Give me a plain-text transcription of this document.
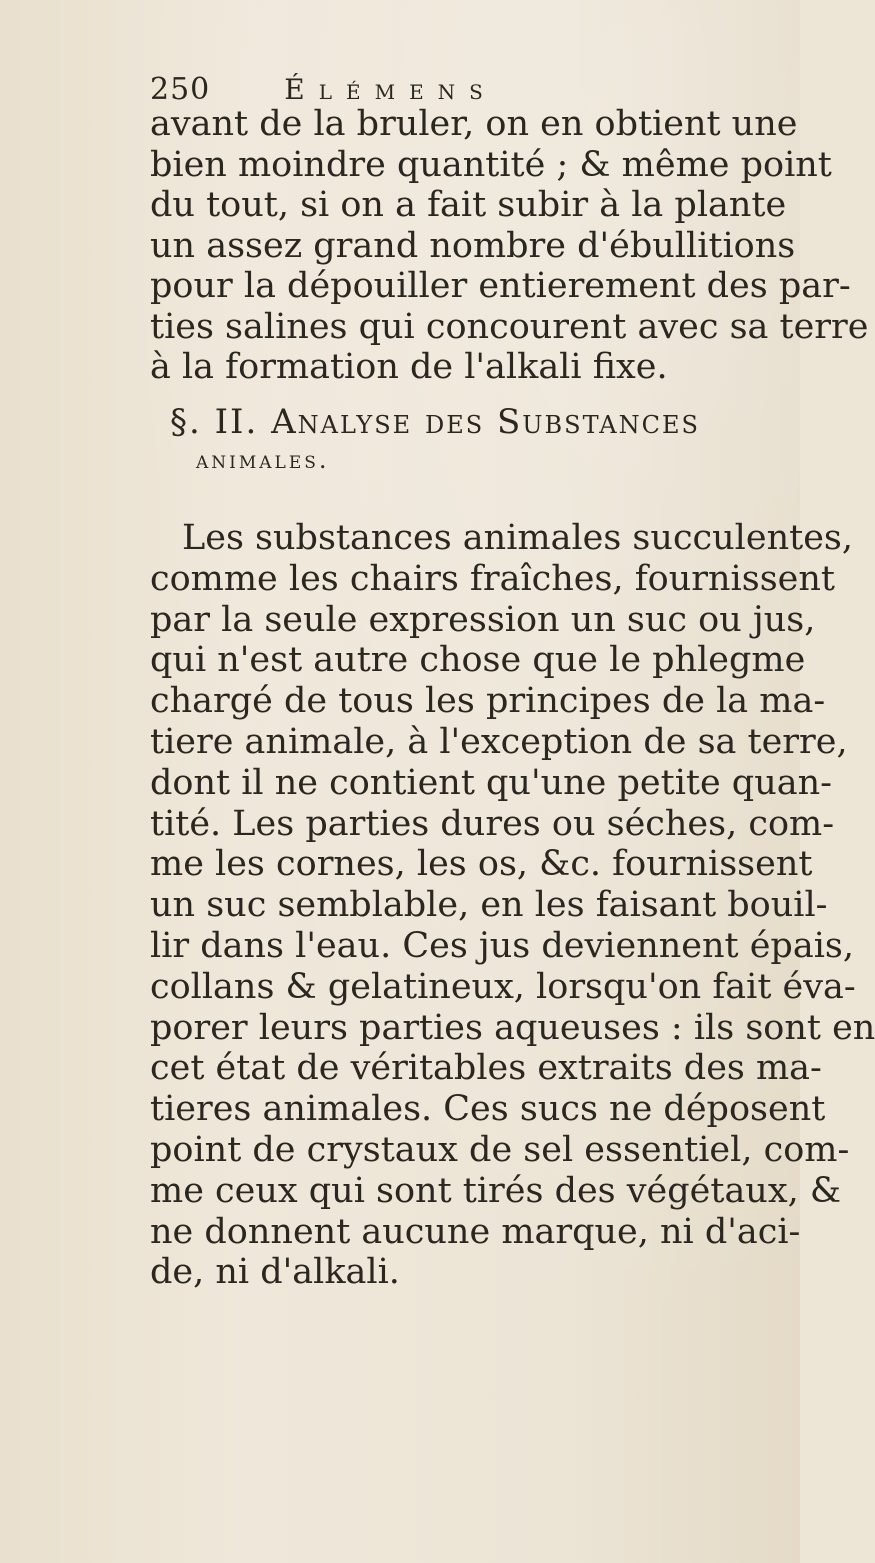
250	Élémens
avant de la bruler, on en obtient une
bien moindre quantité ; & même point
du tout, si on a fait subir à la plante
un assez grand nombre d'ébullitions
pour la dépouiller entierement des par-
ties salines qui concourent avec sa terre
à la formation de l'alkali fixe.
§. II. Analyse des Substances
animales.
Les substances animales succulentes,
comme les chairs fraîches, fournissent
par la seule expression un suc ou jus,
qui n'est autre chose que le phlegme
chargé de tous les principes de la ma-
tiere animale, à l'exception de sa terre,
dont il ne contient qu'une petite quan-
tité. Les parties dures ou séches, com-
me les cornes, les os, &c. fournissent
un suc semblable, en les faisant bouil-
lir dans l'eau. Ces jus deviennent épais,
collans & gelatineux, lorsqu'on fait éva-
porer leurs parties aqueuses : ils sont en
cet état de véritables extraits des ma-
tieres animales. Ces sucs ne déposent
point de crystaux de sel essentiel, com-
me ceux qui sont tirés des végétaux, &
ne donnent aucune marque, ni d'aci-
de, ni d'alkali.
